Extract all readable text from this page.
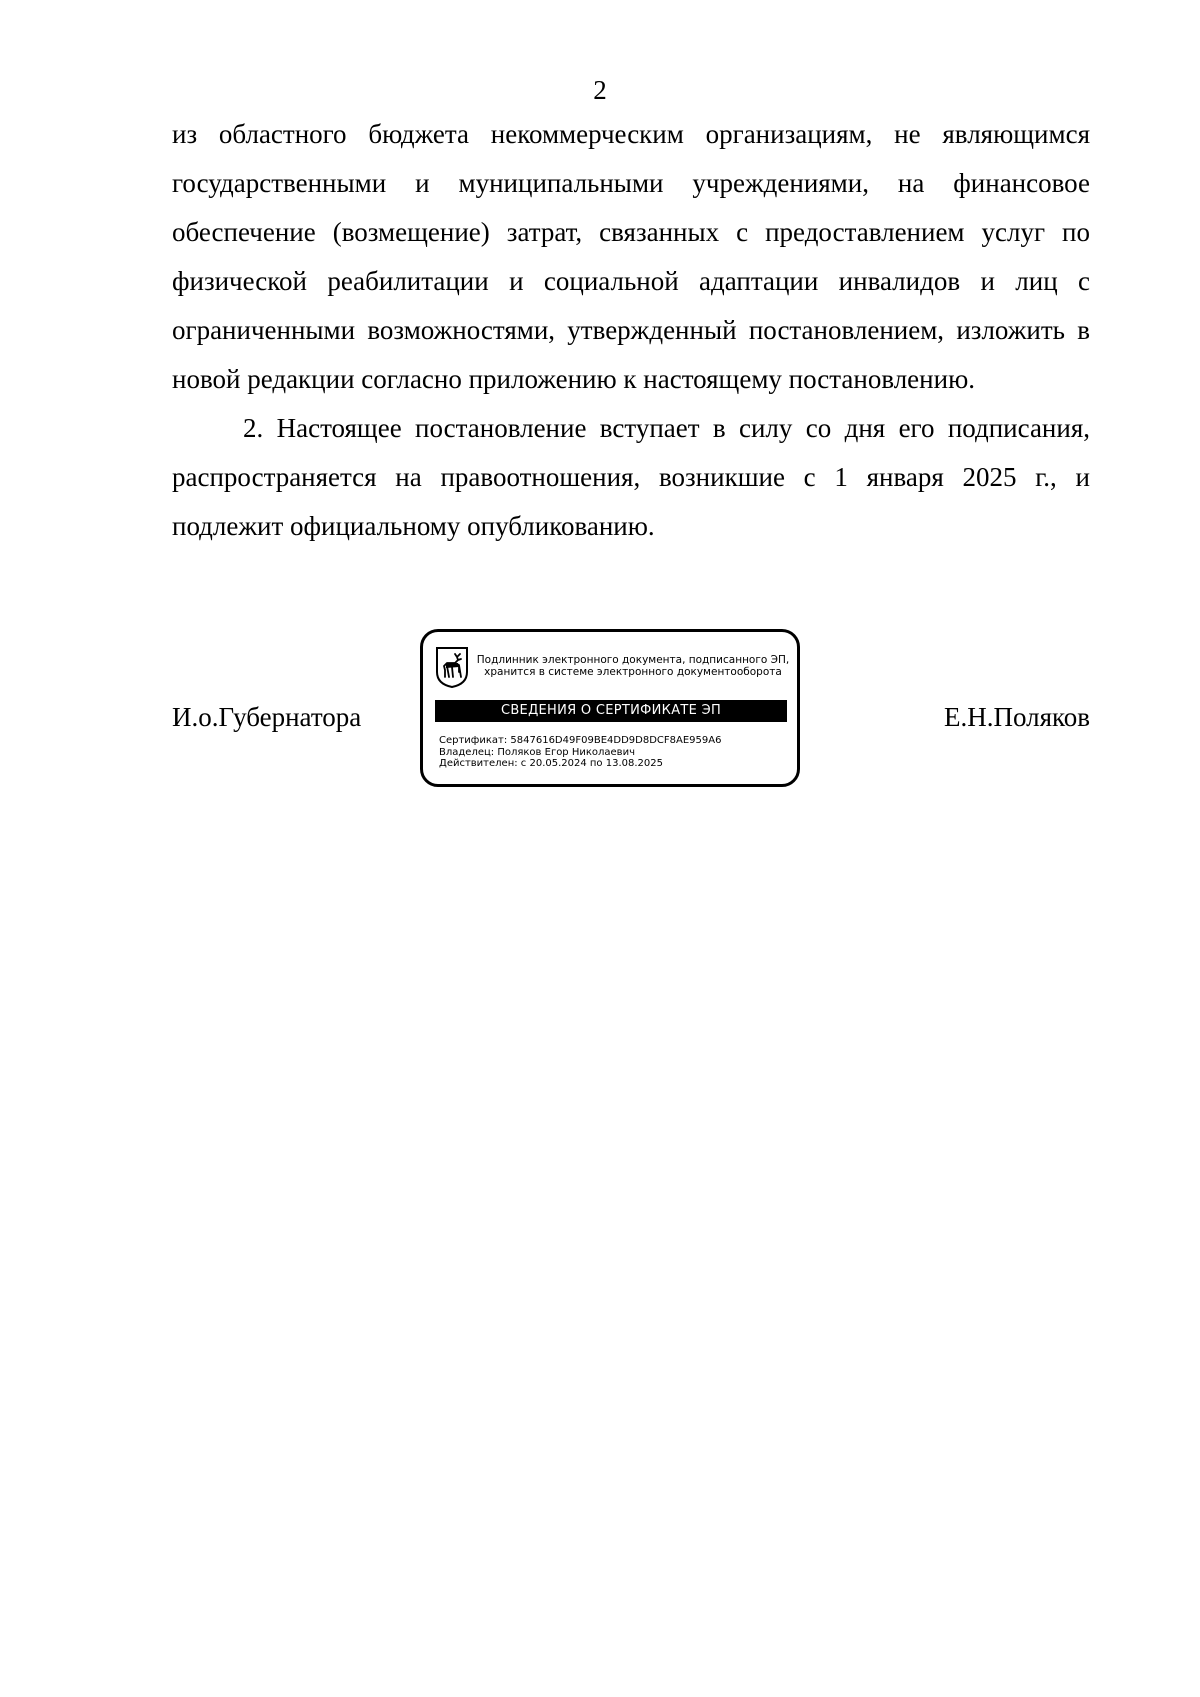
2

из областного бюджета некоммерческим организациям, не являющимся государственными и муниципальными учреждениями, на финансовое обеспечение (возмещение) затрат, связанных с предоставлением услуг по физической реабилитации и социальной адаптации инвалидов и лиц с ограниченными возможностями, утвержденный постановлением, изложить в новой редакции согласно приложению к настоящему постановлению.

2. Настоящее постановление вступает в силу со дня его подписания, распространяется на правоотношения, возникшие с 1 января 2025 г., и подлежит официальному опубликованию.

И.о.Губернатора
Подлинник электронного документа, подписанного ЭП,
хранится в системе электронного документооборота
СВЕДЕНИЯ О СЕРТИФИКАТЕ ЭП
Сертификат: 5847616D49F09BE4DD9D8DCF8AE959A6
Владелец: Поляков Егор Николаевич
Действителен: с 20.05.2024 по 13.08.2025
Е.Н.Поляков
